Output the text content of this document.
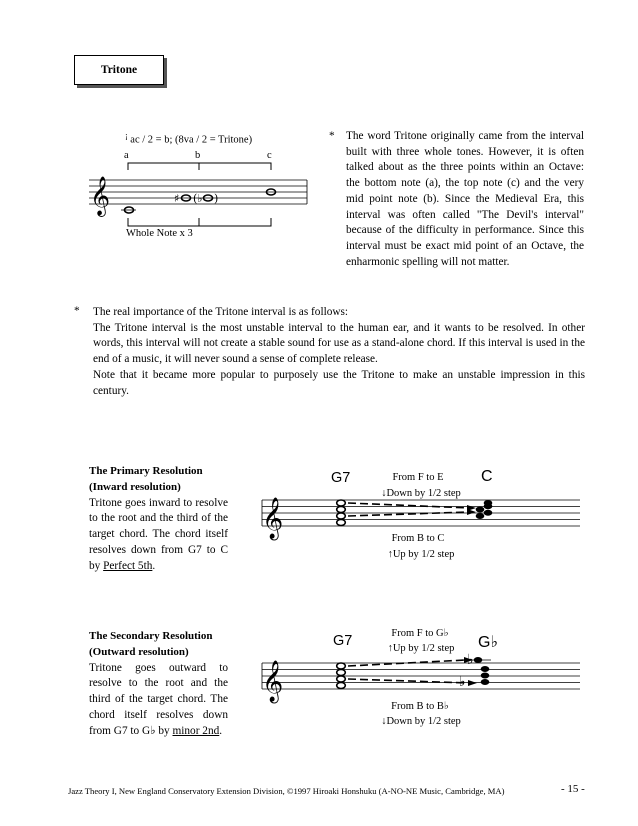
Tritone
¡ ac / 2 = b; (8va / 2 = Tritone)
a	b	c
𝄞	♯ (♭ )
Whole Note x 3
* The word Tritone originally came from the interval built with three whole tones. However, it is often talked about as the three points within an Octave: the bottom note (a), the top note (c) and the very mid point note (b). Since the Medieval Era, this interval was often called "The Devil's interval" because of the difficulty in performance. Since this interval must be exact mid point of an Octave, the enharmonic spelling will not matter.
* The real importance of the Tritone interval is as follows:
The Tritone interval is the most unstable interval to the human ear, and it wants to be resolved. In other words, this interval will not create a stable sound for use as a stand-alone chord. If this interval is used in the end of a music, it will never sound a sense of complete release.
Note that it became more popular to purposely use the Tritone to make an unstable impression in this century.
The Primary Resolution
(Inward resolution)
Tritone goes inward to resolve to the root and the third of the target chord. The chord itself resolves down from G7 to C by Perfect 5th.
G7	C
From F to E
↓Down by 1/2 step
From B to C
↑Up by 1/2 step
𝄞
The Secondary Resolution
(Outward resolution)
Tritone goes outward to resolve to the root and the third of the target chord. The chord itself resolves down from G7 to G♭ by minor 2nd.
G7	G♭
From F to G♭
↑Up by 1/2 step
From B to B♭
↓Down by 1/2 step
𝄞	♭
Jazz Theory I, New England Conservatory Extension Division, ©1997 Hiroaki Honshuku (A-NO-NE Music, Cambridge, MA)	- 15 -
